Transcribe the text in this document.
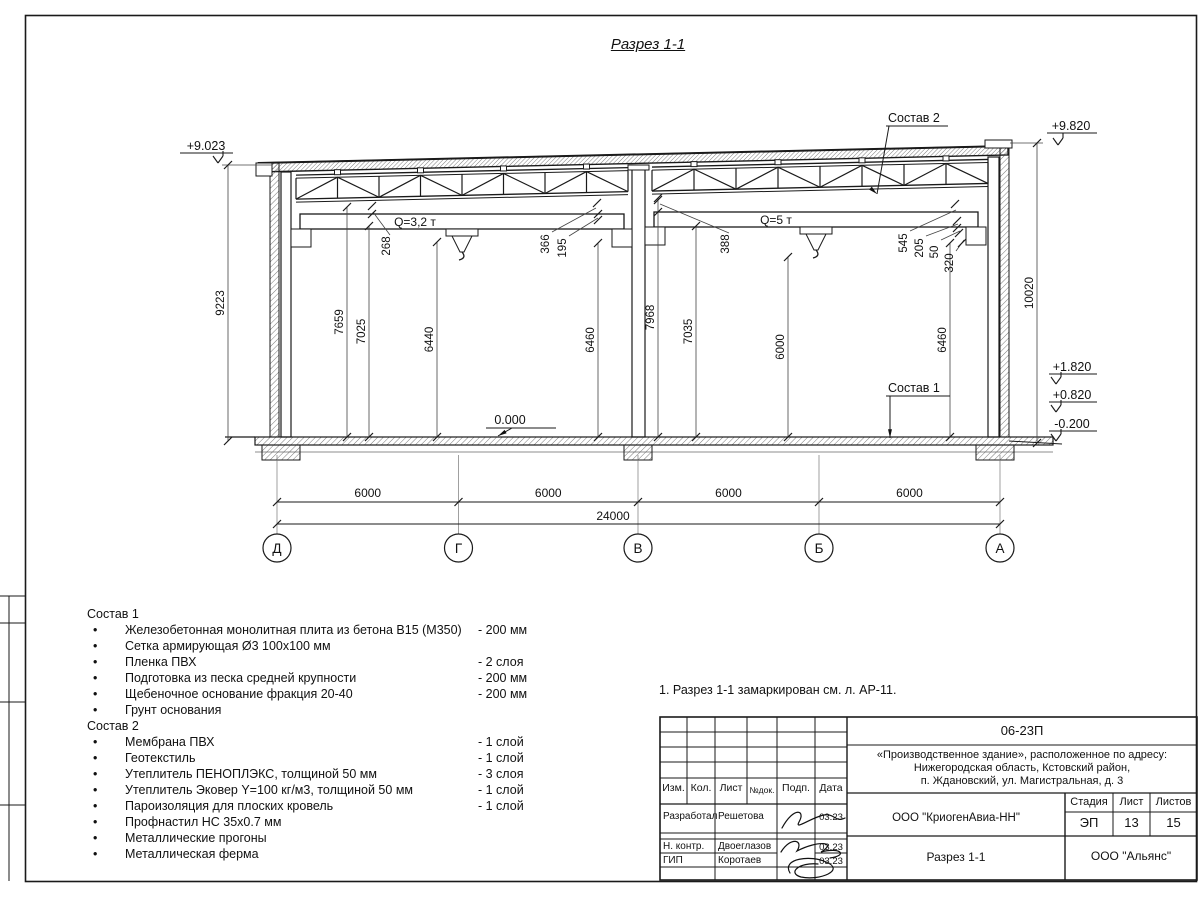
9223
7659 7025	6440	6460
7968
7035
6000	6460
10020
268	366 195	388	545 205 50
320
+9.023
+9.820
+1.820
+0.820
-0.200
0.000
Состав 2
Состав 1
Q=3,2 т	Q=5 т
Д	Г	В	Б	А
6000	6000	6000	6000
24000
Разрез 1-1
Состав 1
• Железобетонная монолитная плита из бетона В15 (М350) - 200 мм
• Сетка армирующая Ø3 100х100 мм
• Пленка ПВХ	- 2 слоя
• Подготовка из песка средней крупности	- 200 мм
• Щебеночное основание фракция 20-40	- 200 мм
• Грунт основания
Состав 2
• Мембрана ПВХ	- 1 слой
• Геотекстиль	- 1 слой
• Утеплитель ПЕНОПЛЭКС, толщиной 50 мм	- 3 слоя
• Утеплитель Эковер Y=100 кг/м3, толщиной 50 мм	- 1 слой
• Пароизоляция для плоских кровель	- 1 слой
• Профнастил НС 35х0.7 мм
• Металлические прогоны
• Металлическая ферма
1. Разрез 1-1 замаркирован см. л. АР-11.
06-23П
«Производственное здание», расположенное по адресу:
Нижегородская область, Кстовский район,
п. Ждановский, ул. Магистральная, д. 3
Изм. Кол. Лист №док. Подп. Дата
Разработал Решетова	03.23
Н. контр. Двоеглазов	03.23
ГИП	Коротаев	03.23
ООО "КриогенАвиа-НН"
Стадия	Лист	Листов
ЭП	13	15
Разрез 1-1	ООО "Альянс"
